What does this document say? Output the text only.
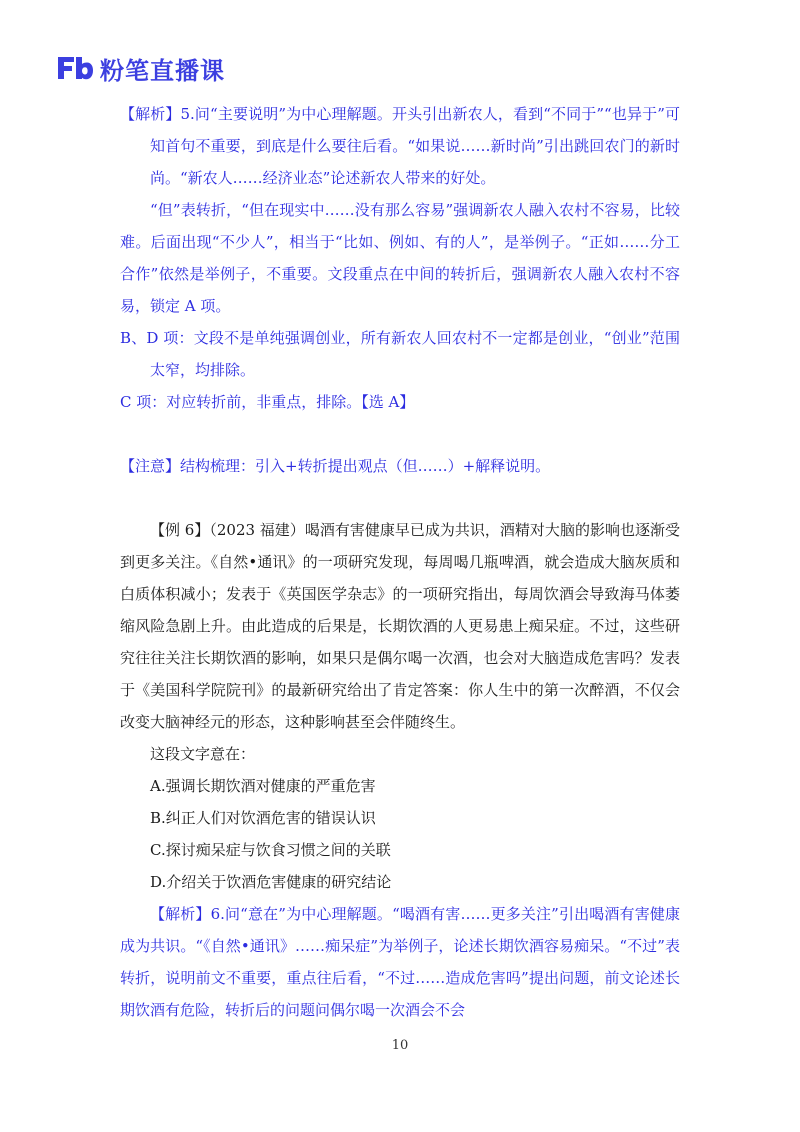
粉笔直播课

【解析】5.问“主要说明”为中心理解题。开头引出新农人，看到“不同于”“也异于”可知首句不重要，到底是什么要往后看。“如果说……新时尚”引出跳回农门的新时尚。“新农人……经济业态”论述新农人带来的好处。

“但”表转折，“但在现实中……没有那么容易”强调新农人融入农村不容易，比较难。后面出现“不少人”，相当于“比如、例如、有的人”，是举例子。“正如……分工合作”依然是举例子，不重要。文段重点在中间的转折后，强调新农人融入农村不容易，锁定 A 项。

B、D 项：文段不是单纯强调创业，所有新农人回农村不一定都是创业，“创业”范围太窄，均排除。

C 项：对应转折前，非重点，排除。【选 A】

【注意】结构梳理：引入+转折提出观点（但……）+解释说明。

【例 6】（2023 福建）喝酒有害健康早已成为共识，酒精对大脑的影响也逐渐受到更多关注。《自然•通讯》的一项研究发现，每周喝几瓶啤酒，就会造成大脑灰质和白质体积减小；发表于《英国医学杂志》的一项研究指出，每周饮酒会导致海马体萎缩风险急剧上升。由此造成的后果是，长期饮酒的人更易患上痴呆症。不过，这些研究往往关注长期饮酒的影响，如果只是偶尔喝一次酒，也会对大脑造成危害吗？发表于《美国科学院院刊》的最新研究给出了肯定答案：你人生中的第一次醉酒，不仅会改变大脑神经元的形态，这种影响甚至会伴随终生。

这段文字意在：

A.强调长期饮酒对健康的严重危害

B.纠正人们对饮酒危害的错误认识

C.探讨痴呆症与饮食习惯之间的关联

D.介绍关于饮酒危害健康的研究结论

【解析】6.问“意在”为中心理解题。“喝酒有害……更多关注”引出喝酒有害健康成为共识。“《自然•通讯》……痴呆症”为举例子，论述长期饮酒容易痴呆。“不过”表转折，说明前文不重要，重点往后看，“不过……造成危害吗”提出问题，前文论述长期饮酒有危险，转折后的问题问偶尔喝一次酒会不会

10
